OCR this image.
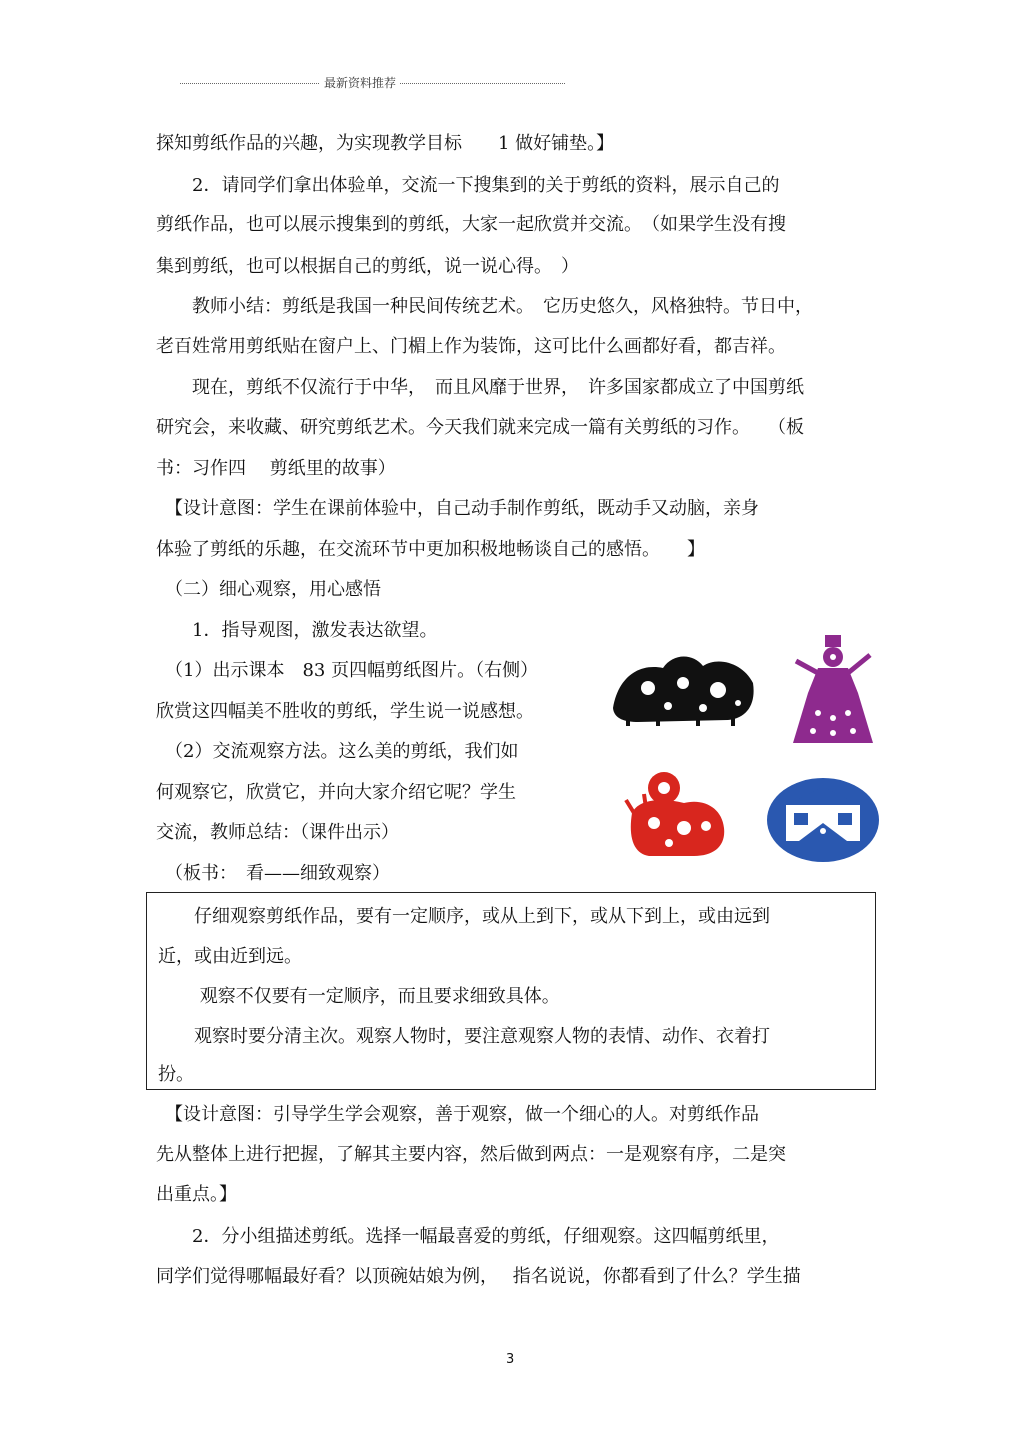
最新资料推荐
探知剪纸作品的兴趣，为实现教学目标　　1 做好铺垫。】
　　2．请同学们拿出体验单，交流一下搜集到的关于剪纸的资料，展示自己的
剪纸作品，也可以展示搜集到的剪纸，大家一起欣赏并交流。　（如果学生没有搜
集到剪纸，也可以根据自己的剪纸，说一说心得。　）
　　教师小结：剪纸是我国一种民间传统艺术。　它历史悠久，风格独特。节日中，
老百姓常用剪纸贴在窗户上、门楣上作为装饰，这可比什么画都好看，都吉祥。
　　现在，剪纸不仅流行于中华，　而且风靡于世界，　许多国家都成立了中国剪纸
研究会，来收藏、研究剪纸艺术。今天我们就来完成一篇有关剪纸的习作。　　（板
书：习作四　 剪纸里的故事）
　【设计意图：学生在课前体验中，自己动手制作剪纸，既动手又动脑，亲身
体验了剪纸的乐趣，在交流环节中更加积极地畅谈自己的感悟。　　】
　（二）细心观察，用心感悟
　　1．指导观图，激发表达欲望。
　（1）出示课本　83 页四幅剪纸图片。（右侧）
欣赏这四幅美不胜收的剪纸，学生说一说感想。
　（2）交流观察方法。这么美的剪纸，我们如
何观察它，欣赏它，并向大家介绍它呢？学生
交流，教师总结：（课件出示）
　（板书：　看——细致观察）
　　仔细观察剪纸作品，要有一定顺序，或从上到下，或从下到上，或由远到
近，或由近到远。
　　 观察不仅要有一定顺序，而且要求细致具体。
　　观察时要分清主次。观察人物时，要注意观察人物的表情、动作、衣着打
扮。
　【设计意图：引导学生学会观察，善于观察，做一个细心的人。对剪纸作品
先从整体上进行把握，了解其主要内容，然后做到两点：一是观察有序，二是突
出重点。】
　　2．分小组描述剪纸。选择一幅最喜爱的剪纸，仔细观察。这四幅剪纸里，
同学们觉得哪幅最好看？以顶碗姑娘为例，　 指名说说，你都看到了什么？学生描
3
